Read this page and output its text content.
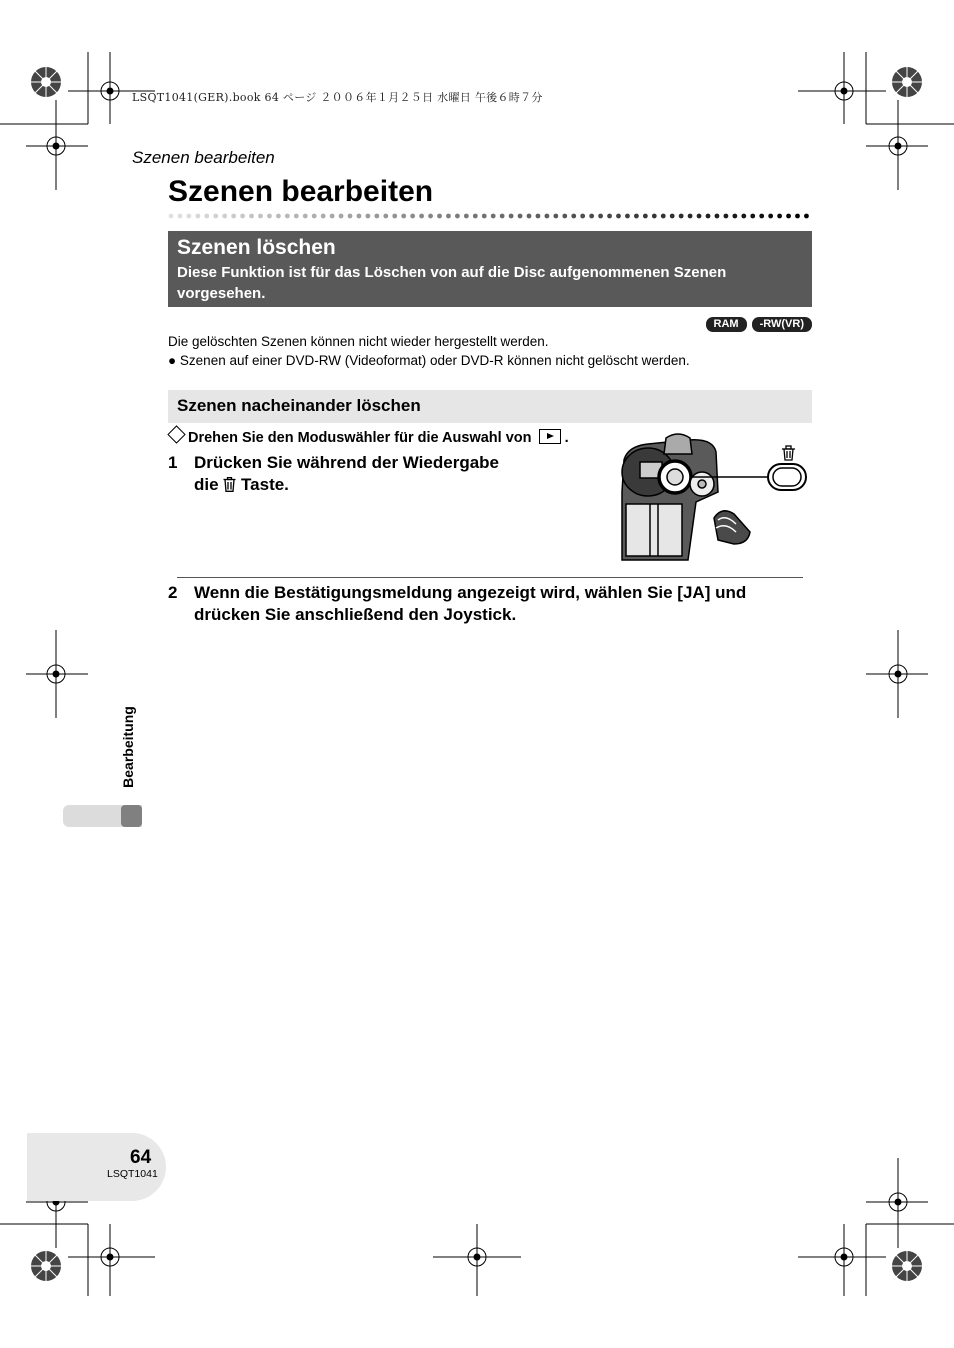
LSQT1041(GER).book 64 ページ ２００６年１月２５日 水曜日 午後６時７分
Szenen bearbeiten
Szenen bearbeiten
Szenen löschen
Diese Funktion ist für das Löschen von auf die Disc aufgenommenen Szenen vorgesehen.
RAM	-RW(VR)
Die gelöschten Szenen können nicht wieder hergestellt werden.
● Szenen auf einer DVD-RW (Videoformat) oder DVD-R können nicht gelöscht werden.
Szenen nacheinander löschen
Drehen Sie den Moduswähler für die Auswahl von .
1 Drücken Sie während der Wiedergabe
die Taste.
2 Wenn die Bestätigungsmeldung angezeigt wird, wählen Sie [JA] und
drücken Sie anschließend den Joystick.
Bearbeitung
64
LSQT1041
